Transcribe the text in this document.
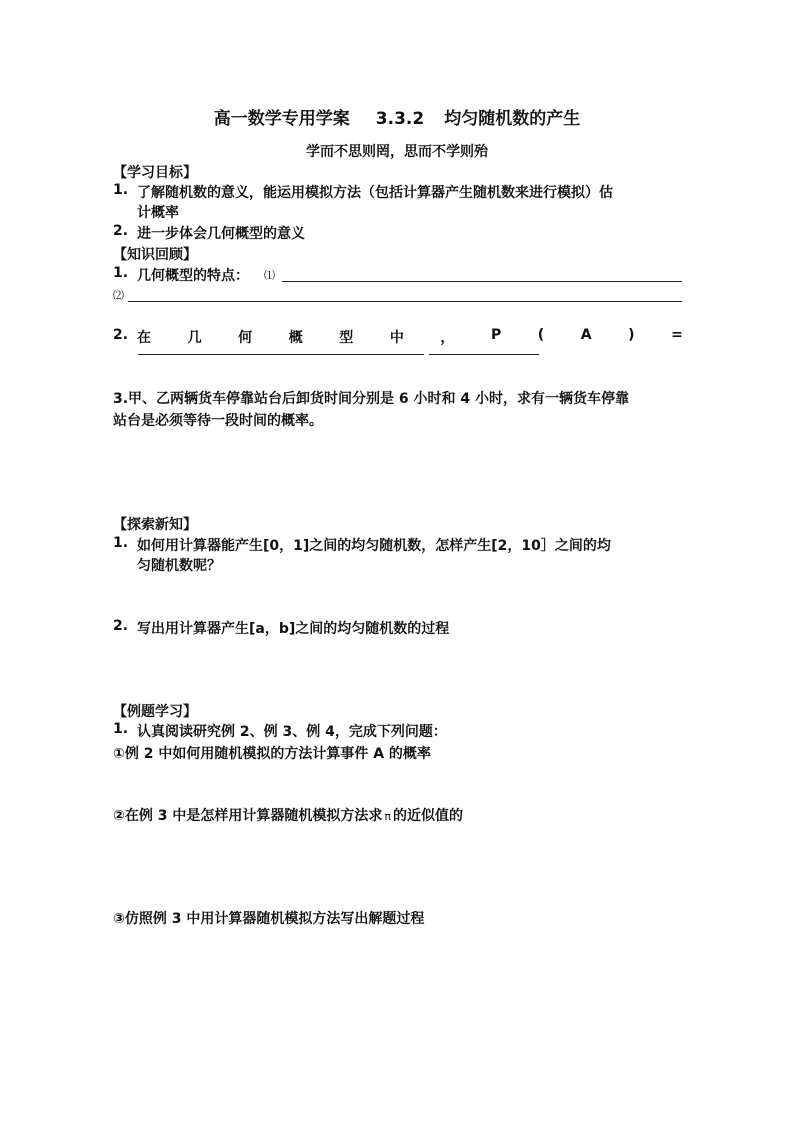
高一数学专用学案 3.3.2 均匀随机数的产生
学而不思则罔，思而不学则殆
【学习目标】
1. 了解随机数的意义，能运用模拟方法（包括计算器产生随机数来进行模拟）估
计概率
2. 进一步体会几何概型的意义
【知识回顾】
1. 几何概型的特点： ⑴
⑵
2. 在	几	何	概	型	中	，	P	(	A	)	=
3.甲、乙两辆货车停靠站台后卸货时间分别是 6 小时和 4 小时，求有一辆货车停靠
站台是必须等待一段时间的概率。
【探索新知】
1. 如何用计算器能产生[0，1]之间的均匀随机数，怎样产生[2，10］之间的均
匀随机数呢？
2. 写出用计算器产生[a，b]之间的均匀随机数的过程
【例题学习】
1. 认真阅读研究例 2、例 3、例 4，完成下列问题：
①例 2 中如何用随机模拟的方法计算事件 A 的概率
②在例 3 中是怎样用计算器随机模拟方法求 π 的近似值的
③仿照例 3 中用计算器随机模拟方法写出解题过程
